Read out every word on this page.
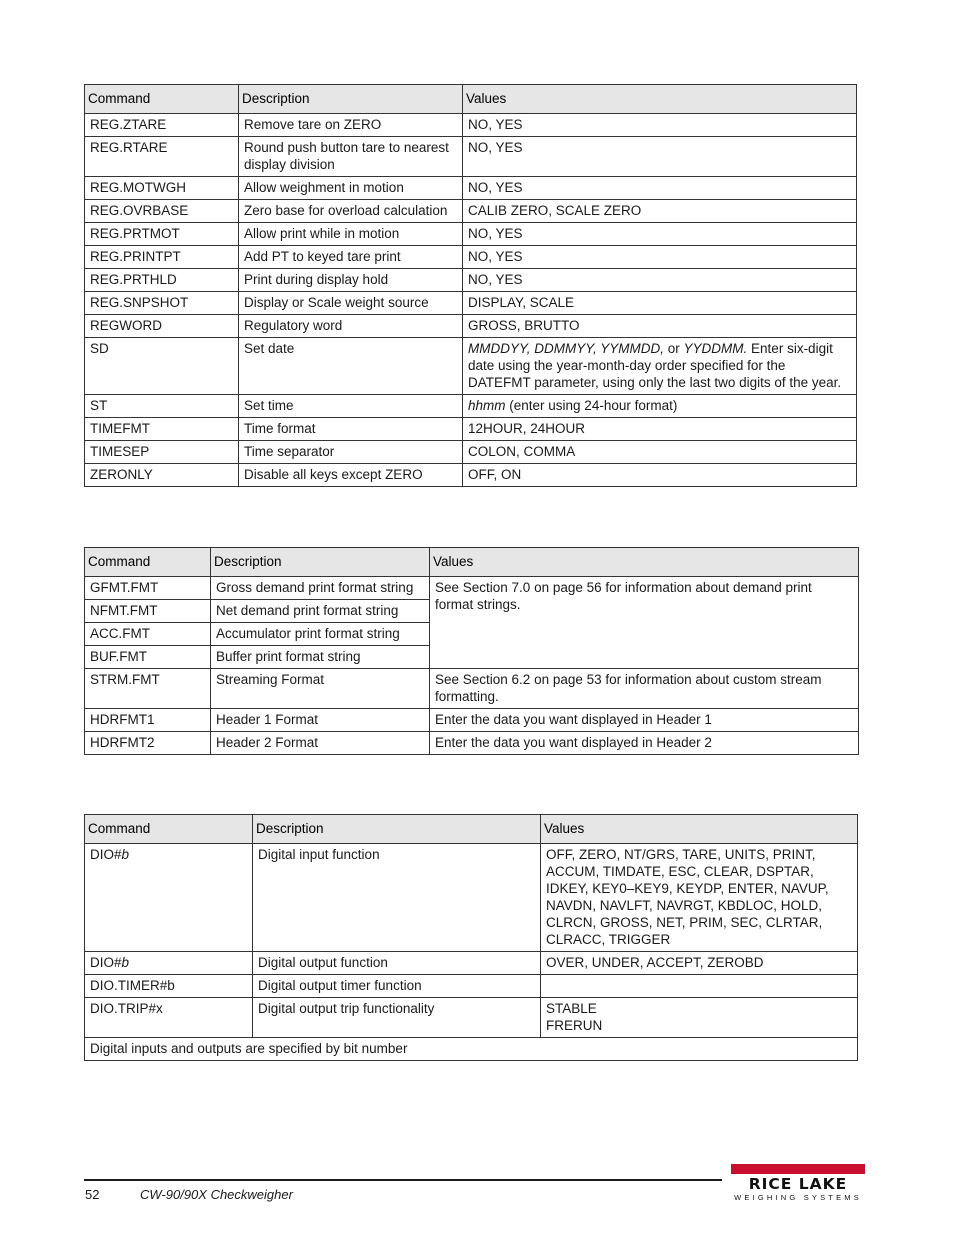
Command	Description	Values
REG.ZTARE	Remove tare on ZERO	NO, YES
REG.RTARE	Round push button tare to nearest display division	NO, YES
REG.MOTWGH	Allow weighment in motion	NO, YES
REG.OVRBASE	Zero base for overload calculation	CALIB ZERO, SCALE ZERO
REG.PRTMOT	Allow print while in motion	NO, YES
REG.PRINTPT	Add PT to keyed tare print	NO, YES
REG.PRTHLD	Print during display hold	NO, YES
REG.SNPSHOT	Display or Scale weight source	DISPLAY, SCALE
REGWORD	Regulatory word	GROSS, BRUTTO
SD	Set date	MMDDYY, DDMMYY, YYMMDD, or YYDDMM. Enter six-digit date using the year-month-day order specified for the DATEFMT parameter, using only the last two digits of the year.
ST	Set time	hhmm (enter using 24-hour format)
TIMEFMT	Time format	12HOUR, 24HOUR
TIMESEP	Time separator	COLON, COMMA
ZERONLY	Disable all keys except ZERO	OFF, ON
Command	Description	Values
GFMT.FMT	Gross demand print format string	See Section 7.0 on page 56 for information about demand print format strings.
NFMT.FMT	Net demand print format string	
ACC.FMT	Accumulator print format string	
BUF.FMT	Buffer print format string	
STRM.FMT	Streaming Format	See Section 6.2 on page 53 for information about custom stream formatting.
HDRFMT1	Header 1 Format	Enter the data you want displayed in Header 1
HDRFMT2	Header 2 Format	Enter the data you want displayed in Header 2
Command	Description	Values
DIO#b	Digital input function	OFF, ZERO, NT/GRS, TARE, UNITS, PRINT, ACCUM, TIMDATE, ESC, CLEAR, DSPTAR, IDKEY, KEY0–KEY9, KEYDP, ENTER, NAVUP, NAVDN, NAVLFT, NAVRGT, KBDLOC, HOLD, CLRCN, GROSS, NET, PRIM, SEC, CLRTAR, CLRACC, TRIGGER
DIO#b	Digital output function	OVER, UNDER, ACCEPT, ZEROBD
DIO.TIMER#b	Digital output timer function	
DIO.TRIP#x	Digital output trip functionality	STABLE
FRERUN

Digital inputs and outputs are specified by bit number		
52	CW-90/90X Checkweigher
RICE LAKE
WEIGHING SYSTEMS
